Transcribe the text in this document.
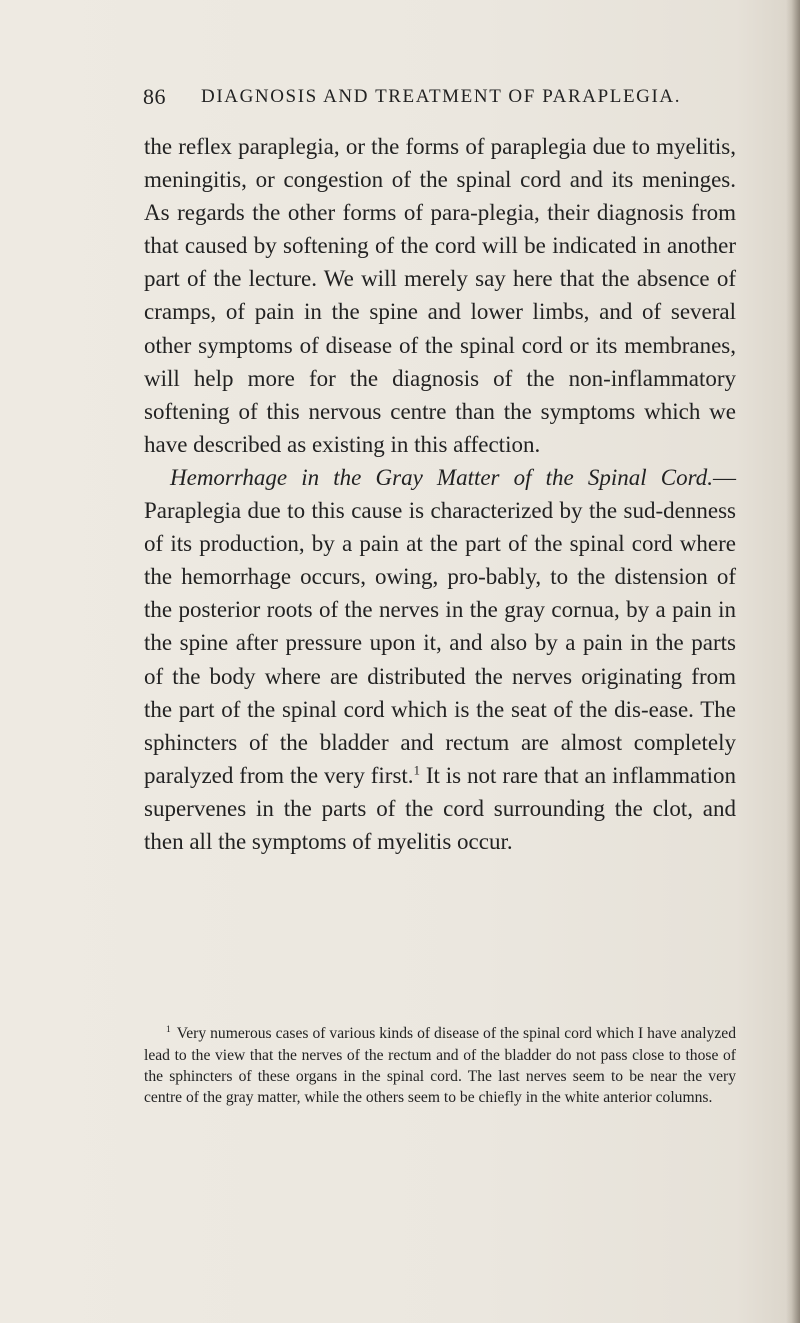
86 DIAGNOSIS AND TREATMENT OF PARAPLEGIA.

the reflex paraplegia, or the forms of paraplegia due to myelitis, meningitis, or congestion of the spinal cord and its meninges. As regards the other forms of para-plegia, their diagnosis from that caused by softening of the cord will be indicated in another part of the lecture. We will merely say here that the absence of cramps, of pain in the spine and lower limbs, and of several other symptoms of disease of the spinal cord or its membranes, will help more for the diagnosis of the non-inflammatory softening of this nervous centre than the symptoms which we have described as existing in this affection.

Hemorrhage in the Gray Matter of the Spinal Cord.— Paraplegia due to this cause is characterized by the sud-denness of its production, by a pain at the part of the spinal cord where the hemorrhage occurs, owing, pro-bably, to the distension of the posterior roots of the nerves in the gray cornua, by a pain in the spine after pressure upon it, and also by a pain in the parts of the body where are distributed the nerves originating from the part of the spinal cord which is the seat of the dis-ease. The sphincters of the bladder and rectum are almost completely paralyzed from the very first.$^1$ It is not rare that an inflammation supervenes in the parts of the cord surrounding the clot, and then all the symptoms of myelitis occur.

$^1$ Very numerous cases of various kinds of disease of the spinal cord which I have analyzed lead to the view that the nerves of the rectum and of the bladder do not pass close to those of the sphincters of these organs in the spinal cord. The last nerves seem to be near the very centre of the gray matter, while the others seem to be chiefly in the white anterior columns.
